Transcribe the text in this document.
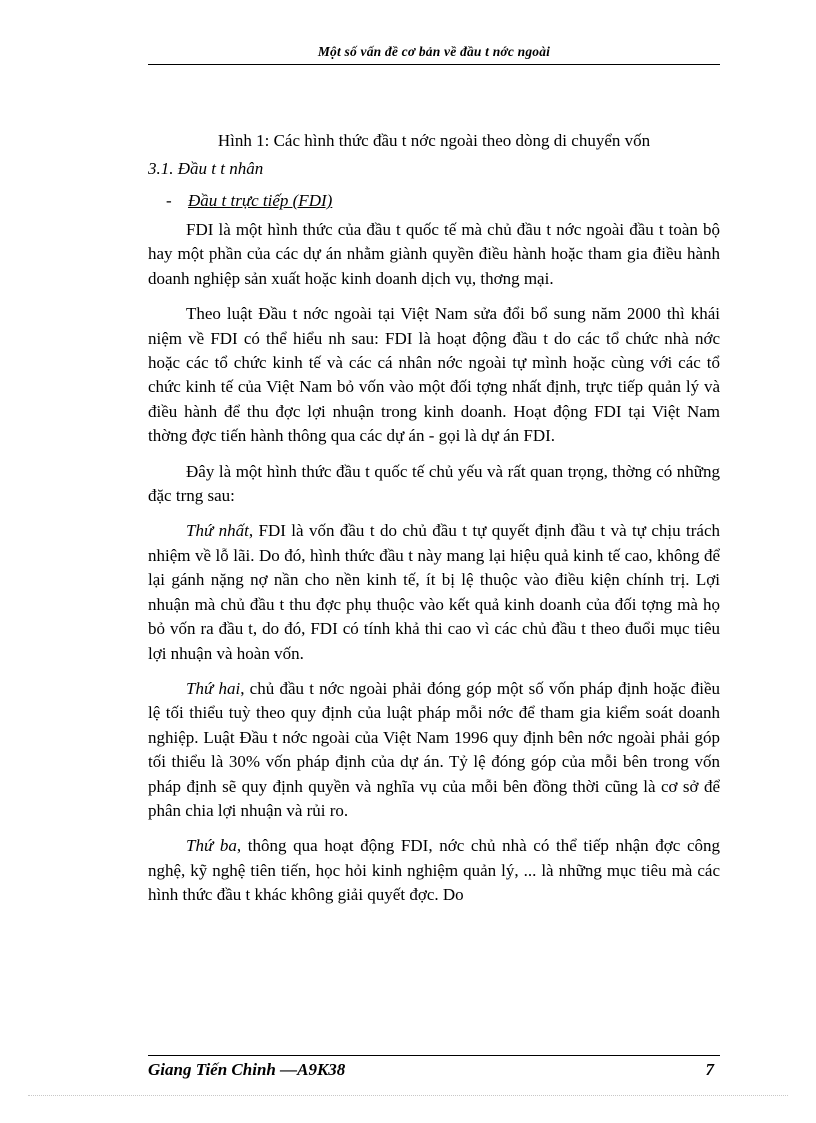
Một số vấn đề cơ bản về đầu t nớc ngoài

Hình 1: Các hình thức đầu t nớc ngoài theo dòng di chuyển vốn

3.1. Đầu t t nhân

- Đầu t trực tiếp (FDI)

FDI là một hình thức của đầu t quốc tế mà chủ đầu t nớc ngoài đầu t toàn bộ hay một phần của các dự án nhằm giành quyền điều hành hoặc tham gia điều hành doanh nghiệp sản xuất hoặc kinh doanh dịch vụ, thơng mại.

Theo luật Đầu t nớc ngoài tại Việt Nam sửa đổi bổ sung năm 2000 thì khái niệm về FDI có thể hiểu nh sau: FDI là hoạt động đầu t do các tổ chức nhà nớc hoặc các tổ chức kinh tế và các cá nhân nớc ngoài tự mình hoặc cùng với các tổ chức kinh tế của Việt Nam bỏ vốn vào một đối tợng nhất định, trực tiếp quản lý và điều hành để thu đợc lợi nhuận trong kinh doanh. Hoạt động FDI tại Việt Nam thờng đợc tiến hành thông qua các dự án - gọi là dự án FDI.

Đây là một hình thức đầu t quốc tế chủ yếu và rất quan trọng, thờng có những đặc trng sau:

Thứ nhất, FDI là vốn đầu t do chủ đầu t tự quyết định đầu t và tự chịu trách nhiệm về lỗ lãi. Do đó, hình thức đầu t này mang lại hiệu quả kinh tế cao, không để lại gánh nặng nợ nần cho nền kinh tế, ít bị lệ thuộc vào điều kiện chính trị. Lợi nhuận mà chủ đầu t thu đợc phụ thuộc vào kết quả kinh doanh của đối tợng mà họ bỏ vốn ra đầu t, do đó, FDI có tính khả thi cao vì các chủ đầu t theo đuổi mục tiêu lợi nhuận và hoàn vốn.

Thứ hai, chủ đầu t nớc ngoài phải đóng góp một số vốn pháp định hoặc điều lệ tối thiểu tuỳ theo quy định của luật pháp mỗi nớc để tham gia kiểm soát doanh nghiệp. Luật Đầu t nớc ngoài của Việt Nam 1996 quy định bên nớc ngoài phải góp tối thiểu là 30% vốn pháp định của dự án. Tỷ lệ đóng góp của mỗi bên trong vốn pháp định sẽ quy định quyền và nghĩa vụ của mỗi bên đồng thời cũng là cơ sở để phân chia lợi nhuận và rủi ro.

Thứ ba, thông qua hoạt động FDI, nớc chủ nhà có thể tiếp nhận đợc công nghệ, kỹ nghệ tiên tiến, học hỏi kinh nghiệm quản lý, ... là những mục tiêu mà các hình thức đầu t khác không giải quyết đợc. Do

Giang Tiến Chinh —A9K38	7
